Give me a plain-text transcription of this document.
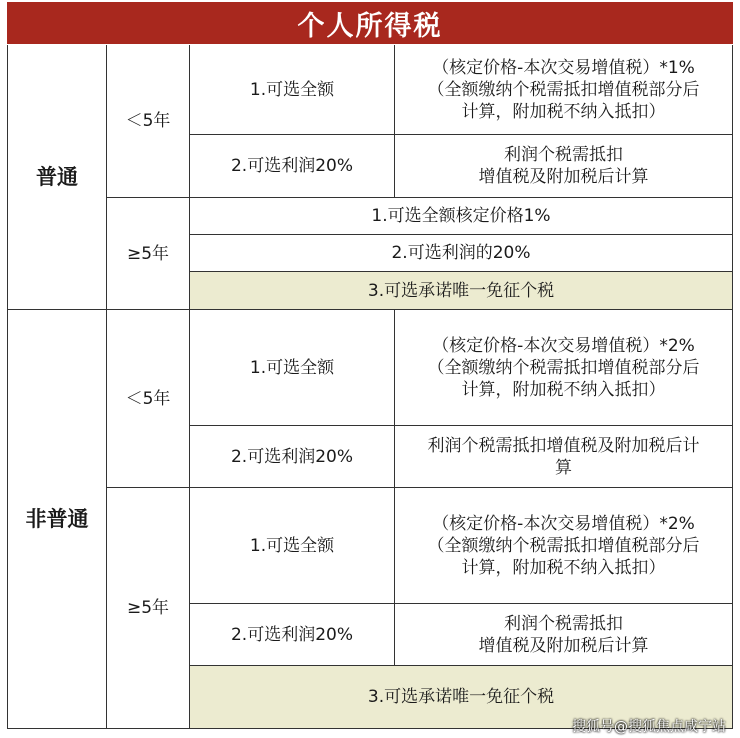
个人所得税
普通
＜5年
1.可选全额
（核定价格-本次交易增值税）*1%
（全额缴纳个税需抵扣增值税部分后
计算，附加税不纳入抵扣）
2.可选利润20%
利润个税需抵扣
增值税及附加税后计算
≥5年
1.可选全额核定价格1%
2.可选利润的20%
3.可选承诺唯一免征个税
非普通
＜5年
1.可选全额
（核定价格-本次交易增值税）*2%
（全额缴纳个税需抵扣增值税部分后
计算，附加税不纳入抵扣）
2.可选利润20%
利润个税需抵扣增值税及附加税后计
算
≥5年
1.可选全额
（核定价格-本次交易增值税）*2%
（全额缴纳个税需抵扣增值税部分后
计算，附加税不纳入抵扣）
2.可选利润20%
利润个税需抵扣
增值税及附加税后计算
3.可选承诺唯一免征个税
搜狐号@搜狐焦点咸宁站
